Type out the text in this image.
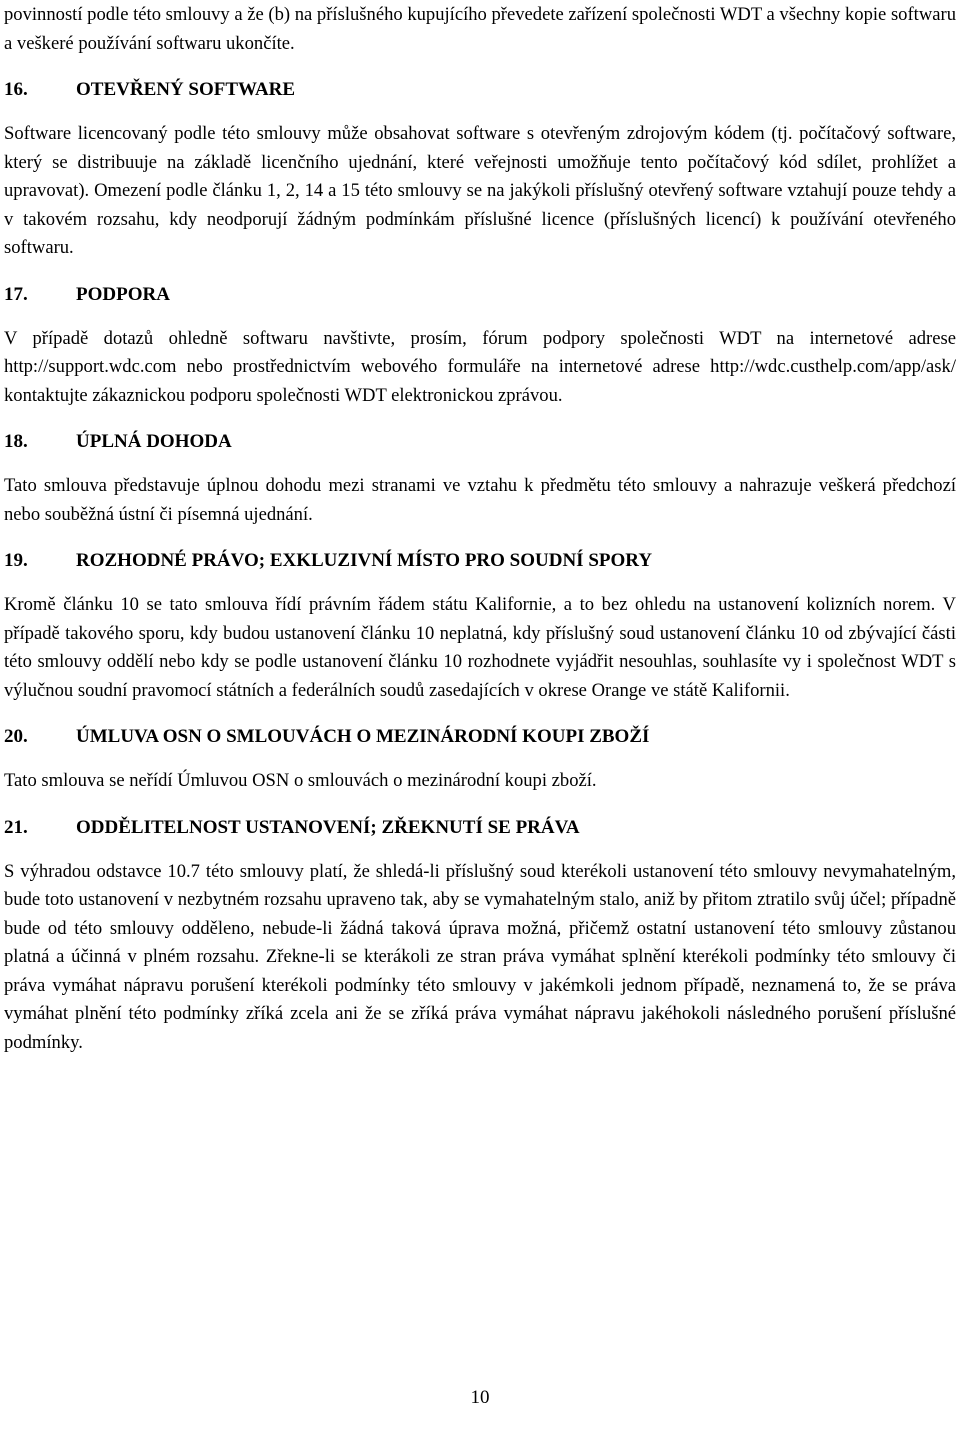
povinností podle této smlouvy a že (b) na příslušného kupujícího převedete zařízení společnosti WDT a všechny kopie softwaru a veškeré používání softwaru ukončíte.

16.	OTEVŘENÝ SOFTWARE

Software licencovaný podle této smlouvy může obsahovat software s otevřeným zdrojovým kódem (tj. počítačový software, který se distribuuje na základě licenčního ujednání, které veřejnosti umožňuje tento počítačový kód sdílet, prohlížet a upravovat). Omezení podle článku 1, 2, 14 a 15 této smlouvy se na jakýkoli příslušný otevřený software vztahují pouze tehdy a v takovém rozsahu, kdy neodporují žádným podmínkám příslušné licence (příslušných licencí) k používání otevřeného softwaru.

17.	PODPORA

V případě dotazů ohledně softwaru navštivte, prosím, fórum podpory společnosti WDT na internetové adrese http://support.wdc.com nebo prostřednictvím webového formuláře na internetové adrese http://wdc.custhelp.com/app/ask/ kontaktujte zákaznickou podporu společnosti WDT elektronickou zprávou.

18.	ÚPLNÁ DOHODA

Tato smlouva představuje úplnou dohodu mezi stranami ve vztahu k předmětu této smlouvy a nahrazuje veškerá předchozí nebo souběžná ústní či písemná ujednání.

19.	ROZHODNÉ PRÁVO; EXKLUZIVNÍ MÍSTO PRO SOUDNÍ SPORY

Kromě článku 10 se tato smlouva řídí právním řádem státu Kalifornie, a to bez ohledu na ustanovení kolizních norem. V případě takového sporu, kdy budou ustanovení článku 10 neplatná, kdy příslušný soud ustanovení článku 10 od zbývající části této smlouvy oddělí nebo kdy se podle ustanovení článku 10 rozhodnete vyjádřit nesouhlas, souhlasíte vy i společnost WDT s výlučnou soudní pravomocí státních a federálních soudů zasedajících v okrese Orange ve státě Kalifornii.

20.	ÚMLUVA OSN O SMLOUVÁCH O MEZINÁRODNÍ KOUPI ZBOŽÍ

Tato smlouva se neřídí Úmluvou OSN o smlouvách o mezinárodní koupi zboží.

21.	ODDĚLITELNOST USTANOVENÍ; ZŘEKNUTÍ SE PRÁVA

S výhradou odstavce 10.7 této smlouvy platí, že shledá-li příslušný soud kterékoli ustanovení této smlouvy nevymahatelným, bude toto ustanovení v nezbytném rozsahu upraveno tak, aby se vymahatelným stalo, aniž by přitom ztratilo svůj účel; případně bude od této smlouvy odděleno, nebude-li žádná taková úprava možná, přičemž ostatní ustanovení této smlouvy zůstanou platná a účinná v plném rozsahu. Zřekne-li se kterákoli ze stran práva vymáhat splnění kterékoli podmínky této smlouvy či práva vymáhat nápravu porušení kterékoli podmínky této smlouvy v jakémkoli jednom případě, neznamená to, že se práva vymáhat plnění této podmínky zříká zcela ani že se zříká práva vymáhat nápravu jakéhokoli následného porušení příslušné podmínky.

10
